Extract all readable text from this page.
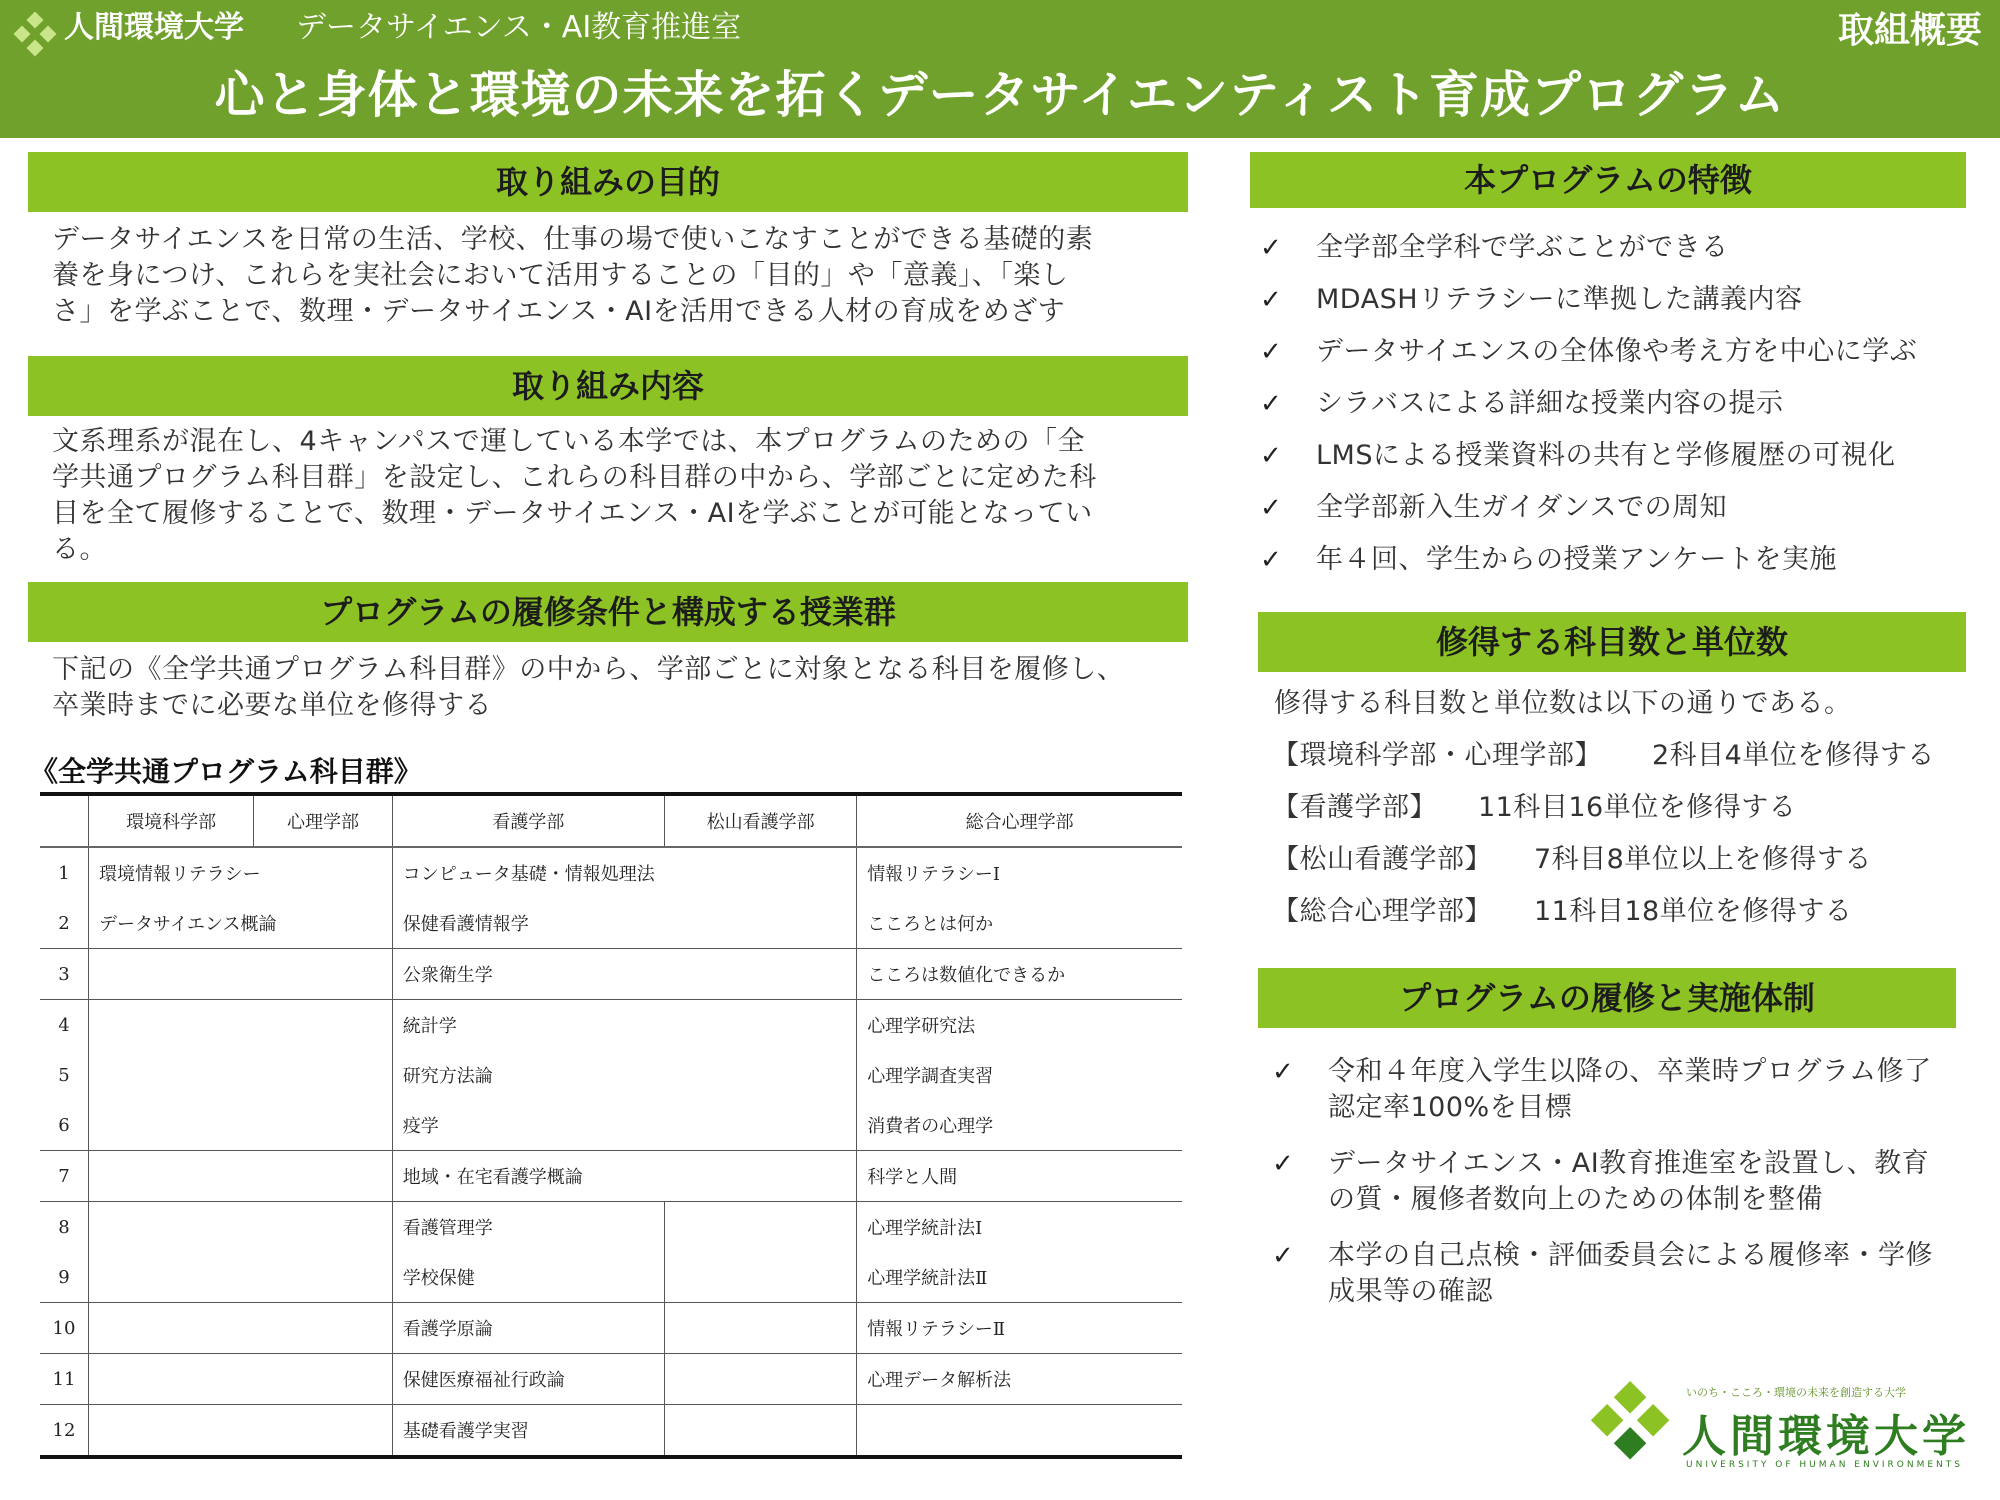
人間環境大学 データサイエンス・AI教育推進室	取組概要
心と身体と環境の未来を拓くデータサイエンティスト育成プログラム
取り組みの目的
データサイエンスを日常の生活、学校、仕事の場で使いこなすことができる基礎的素
養を身につけ、これらを実社会において活用することの「目的」や「意義」、「楽し
さ」を学ぶことで、数理・データサイエンス・AIを活用できる人材の育成をめざす
取り組み内容
文系理系が混在し、4キャンパスで運している本学では、本プログラムのための「全
学共通プログラム科目群」を設定し、これらの科目群の中から、学部ごとに定めた科
目を全て履修することで、数理・データサイエンス・AIを学ぶことが可能となってい
る。
プログラムの履修条件と構成する授業群
下記の《全学共通プログラム科目群》の中から、学部ごとに対象となる科目を履修し、
卒業時までに必要な単位を修得する
《全学共通プログラム科目群》
	環境科学部	心理学部	看護学部	松山看護学部	総合心理学部
1	環境情報リテラシー		コンピュータ基礎・情報処理法		情報リテラシーⅠ
2	データサイエンス概論		保健看護情報学		こころとは何か
3			公衆衛生学		こころは数値化できるか
4			統計学		心理学研究法
5			研究方法論		心理学調査実習
6			疫学		消費者の心理学
7			地域・在宅看護学概論		科学と人間
8			看護管理学		心理学統計法Ⅰ
9			学校保健		心理学統計法Ⅱ
10			看護学原論		情報リテラシーⅡ
11			保健医療福祉行政論		心理データ解析法
12			基礎看護学実習		
本プログラムの特徴
✓ 全学部全学科で学ぶことができる
✓ MDASHリテラシーに準拠した講義内容
✓ データサイエンスの全体像や考え方を中心に学ぶ
✓ シラバスによる詳細な授業内容の提示
✓ LMSによる授業資料の共有と学修履歴の可視化
✓ 全学部新入生ガイダンスでの周知
✓ 年４回、学生からの授業アンケートを実施
修得する科目数と単位数
修得する科目数と単位数は以下の通りである。
【環境科学部・心理学部】 2科目4単位を修得する
【看護学部】 11科目16単位を修得する
【松山看護学部】 7科目8単位以上を修得する
【総合心理学部】 11科目18単位を修得する
プログラムの履修と実施体制
✓ 令和４年度入学生以降の、卒業時プログラム修了
認定率100%を目標
✓ データサイエンス・AI教育推進室を設置し、教育
の質・履修者数向上のための体制を整備
✓ 本学の自己点検・評価委員会による履修率・学修
成果等の確認
いのち・こころ・環境の未来を創造する大学
人間環境大学
UNIVERSITY OF HUMAN ENVIRONMENTS
